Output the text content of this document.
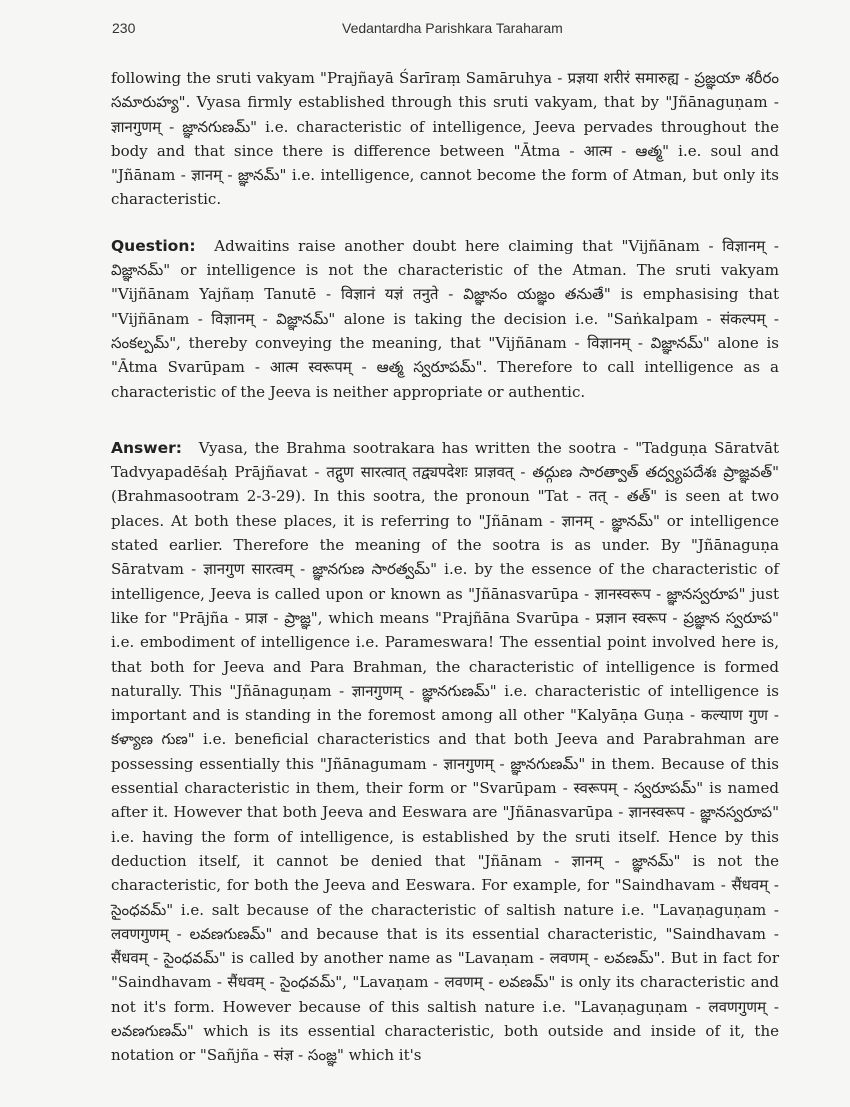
230	Vedantardha Parishkara Taraharam

following the sruti vakyam "Prajñayā Śarīraṃ Samāruhya - प्रज्ञया शरीरं समारुह्य - ప్రజ్ఞయా శరీరం సమారుహ్య". Vyasa firmly established through this sruti vakyam, that by "Jñānaguṇam - ज्ञानगुणम् - జ్ఞానగుణమ్" i.e. characteristic of intelligence, Jeeva pervades throughout the body and that since there is difference between "Ātma - आत्म - ఆత్మ" i.e. soul and "Jñānam - ज्ञानम् - జ్ఞానమ్" i.e. intelligence, cannot become the form of Atman, but only its characteristic.

Question: Adwaitins raise another doubt here claiming that "Vijñānam - विज्ञानम् - విజ్ఞానమ్" or intelligence is not the characteristic of the Atman. The sruti vakyam "Vijñānam Yajñaṃ Tanutē - विज्ञानं यज्ञं तनुते - విజ్ఞానం యజ్ఞం తనుతే" is emphasising that "Vijñānam - विज्ञानम् - విజ్ఞానమ్" alone is taking the decision i.e. "Saṅkalpam - संकल्पम् - సంకల్పమ్", thereby conveying the meaning, that "Vijñānam - विज्ञानम् - విజ్ఞానమ్" alone is "Ātma Svarūpam - आत्म स्वरूपम् - ఆత్మ స్వరూపమ్". Therefore to call intelligence as a characteristic of the Jeeva is neither appropriate or authentic.

Answer: Vyasa, the Brahma sootrakara has written the sootra - "Tadguṇa Sāratvāt Tadvyapadēśaḥ Prājñavat - तद्गुण सारत्वात् तद्व्यपदेशः प्राज्ञवत् - తద్గుణ సారత్వాత్ తద్వ్యపదేశః ప్రాజ్ఞవత్" (Brahmasootram 2-3-29). In this sootra, the pronoun "Tat - तत् - తత్" is seen at two places. At both these places, it is referring to "Jñānam - ज्ञानम् - జ్ఞానమ్" or intelligence stated earlier. Therefore the meaning of the sootra is as under. By "Jñānaguṇa Sāratvam - ज्ञानगुण सारत्वम् - జ్ఞానగుణ సారత్వమ్" i.e. by the essence of the characteristic of intelligence, Jeeva is called upon or known as "Jñānasvarūpa - ज्ञानस्वरूप - జ్ఞానస్వరూప" just like for "Prājña - प्राज्ञ - ప్రాజ్ఞ", which means "Prajñāna Svarūpa - प्रज्ञान स्वरूप - ప్రజ్ఞాన స్వరూప" i.e. embodiment of intelligence i.e. Parameswara! The essential point involved here is, that both for Jeeva and Para Brahman, the characteristic of intelligence is formed naturally. This "Jñānaguṇam - ज्ञानगुणम् - జ్ఞానగుణమ్" i.e. characteristic of intelligence is important and is standing in the foremost among all other "Kalyāṇa Guṇa - कल्याण गुण - కళ్యాణ గుణ" i.e. beneficial characteristics and that both Jeeva and Parabrahman are possessing essentially this "Jñānagumam - ज्ञानगुणम् - జ్ఞానగుణమ్" in them. Because of this essential characteristic in them, their form or "Svarūpam - स्वरूपम् - స్వరూపమ్" is named after it. However that both Jeeva and Eeswara are "Jñānasvarūpa - ज्ञानस्वरूप - జ్ఞానస్వరూప" i.e. having the form of intelligence, is established by the sruti itself. Hence by this deduction itself, it cannot be denied that "Jñānam - ज्ञानम् - జ్ఞానమ్" is not the characteristic, for both the Jeeva and Eeswara. For example, for "Saindhavam - सैंधवम् - సైంధవమ్" i.e. salt because of the characteristic of saltish nature i.e. "Lavaṇaguṇam - लवणगुणम् - లవణగుణమ్" and because that is its essential characteristic, "Saindhavam - सैंधवम् - సైంధవమ్" is called by another name as "Lavaṇam - लवणम् - లవణమ్". But in fact for "Saindhavam - सैंधवम् - సైంధవమ్", "Lavaṇam - लवणम् - లవణమ్" is only its characteristic and not it's form. However because of this saltish nature i.e. "Lavaṇaguṇam - लवणगुणम् - లవణగుణమ్" which is its essential characteristic, both outside and inside of it, the notation or "Sañjña - संज्ञ - సంజ్ఞ" which it's
